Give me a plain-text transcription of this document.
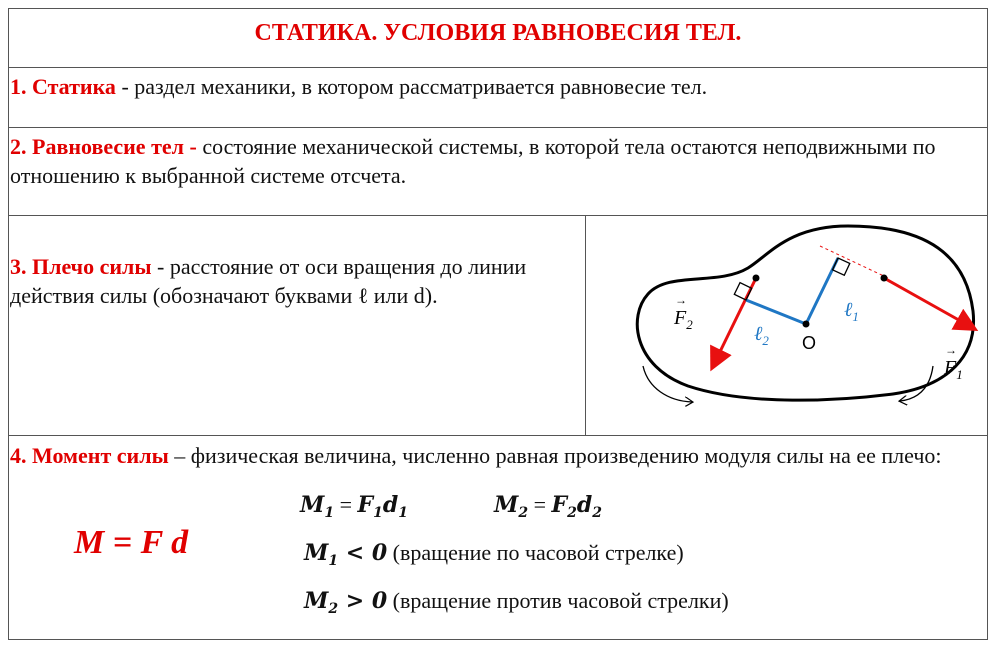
СТАТИКА. УСЛОВИЯ РАВНОВЕСИЯ ТЕЛ.
1. Статика - раздел механики, в котором рассматривается равновесие тел.
2. Равновесие тел - состояние механической системы, в которой тела остаются неподвижными по отношению к выбранной системе отсчета.
3. Плечо силы - расстояние от оси вращения до линии действия силы (обозначают буквами ℓ или d).
O
ℓ$_1$
ℓ$_2$
$F_2$
→
$F_1$
→
4. Момент силы – физическая величина, численно равная произведению модуля силы на ее плечо:
M = F d
$M_1 = F_1d_1$	$M_2 = F_2d_2$
$M_1 < 0$ (вращение по часовой стрелке)
$M_2 > 0$ (вращение против часовой стрелки)
